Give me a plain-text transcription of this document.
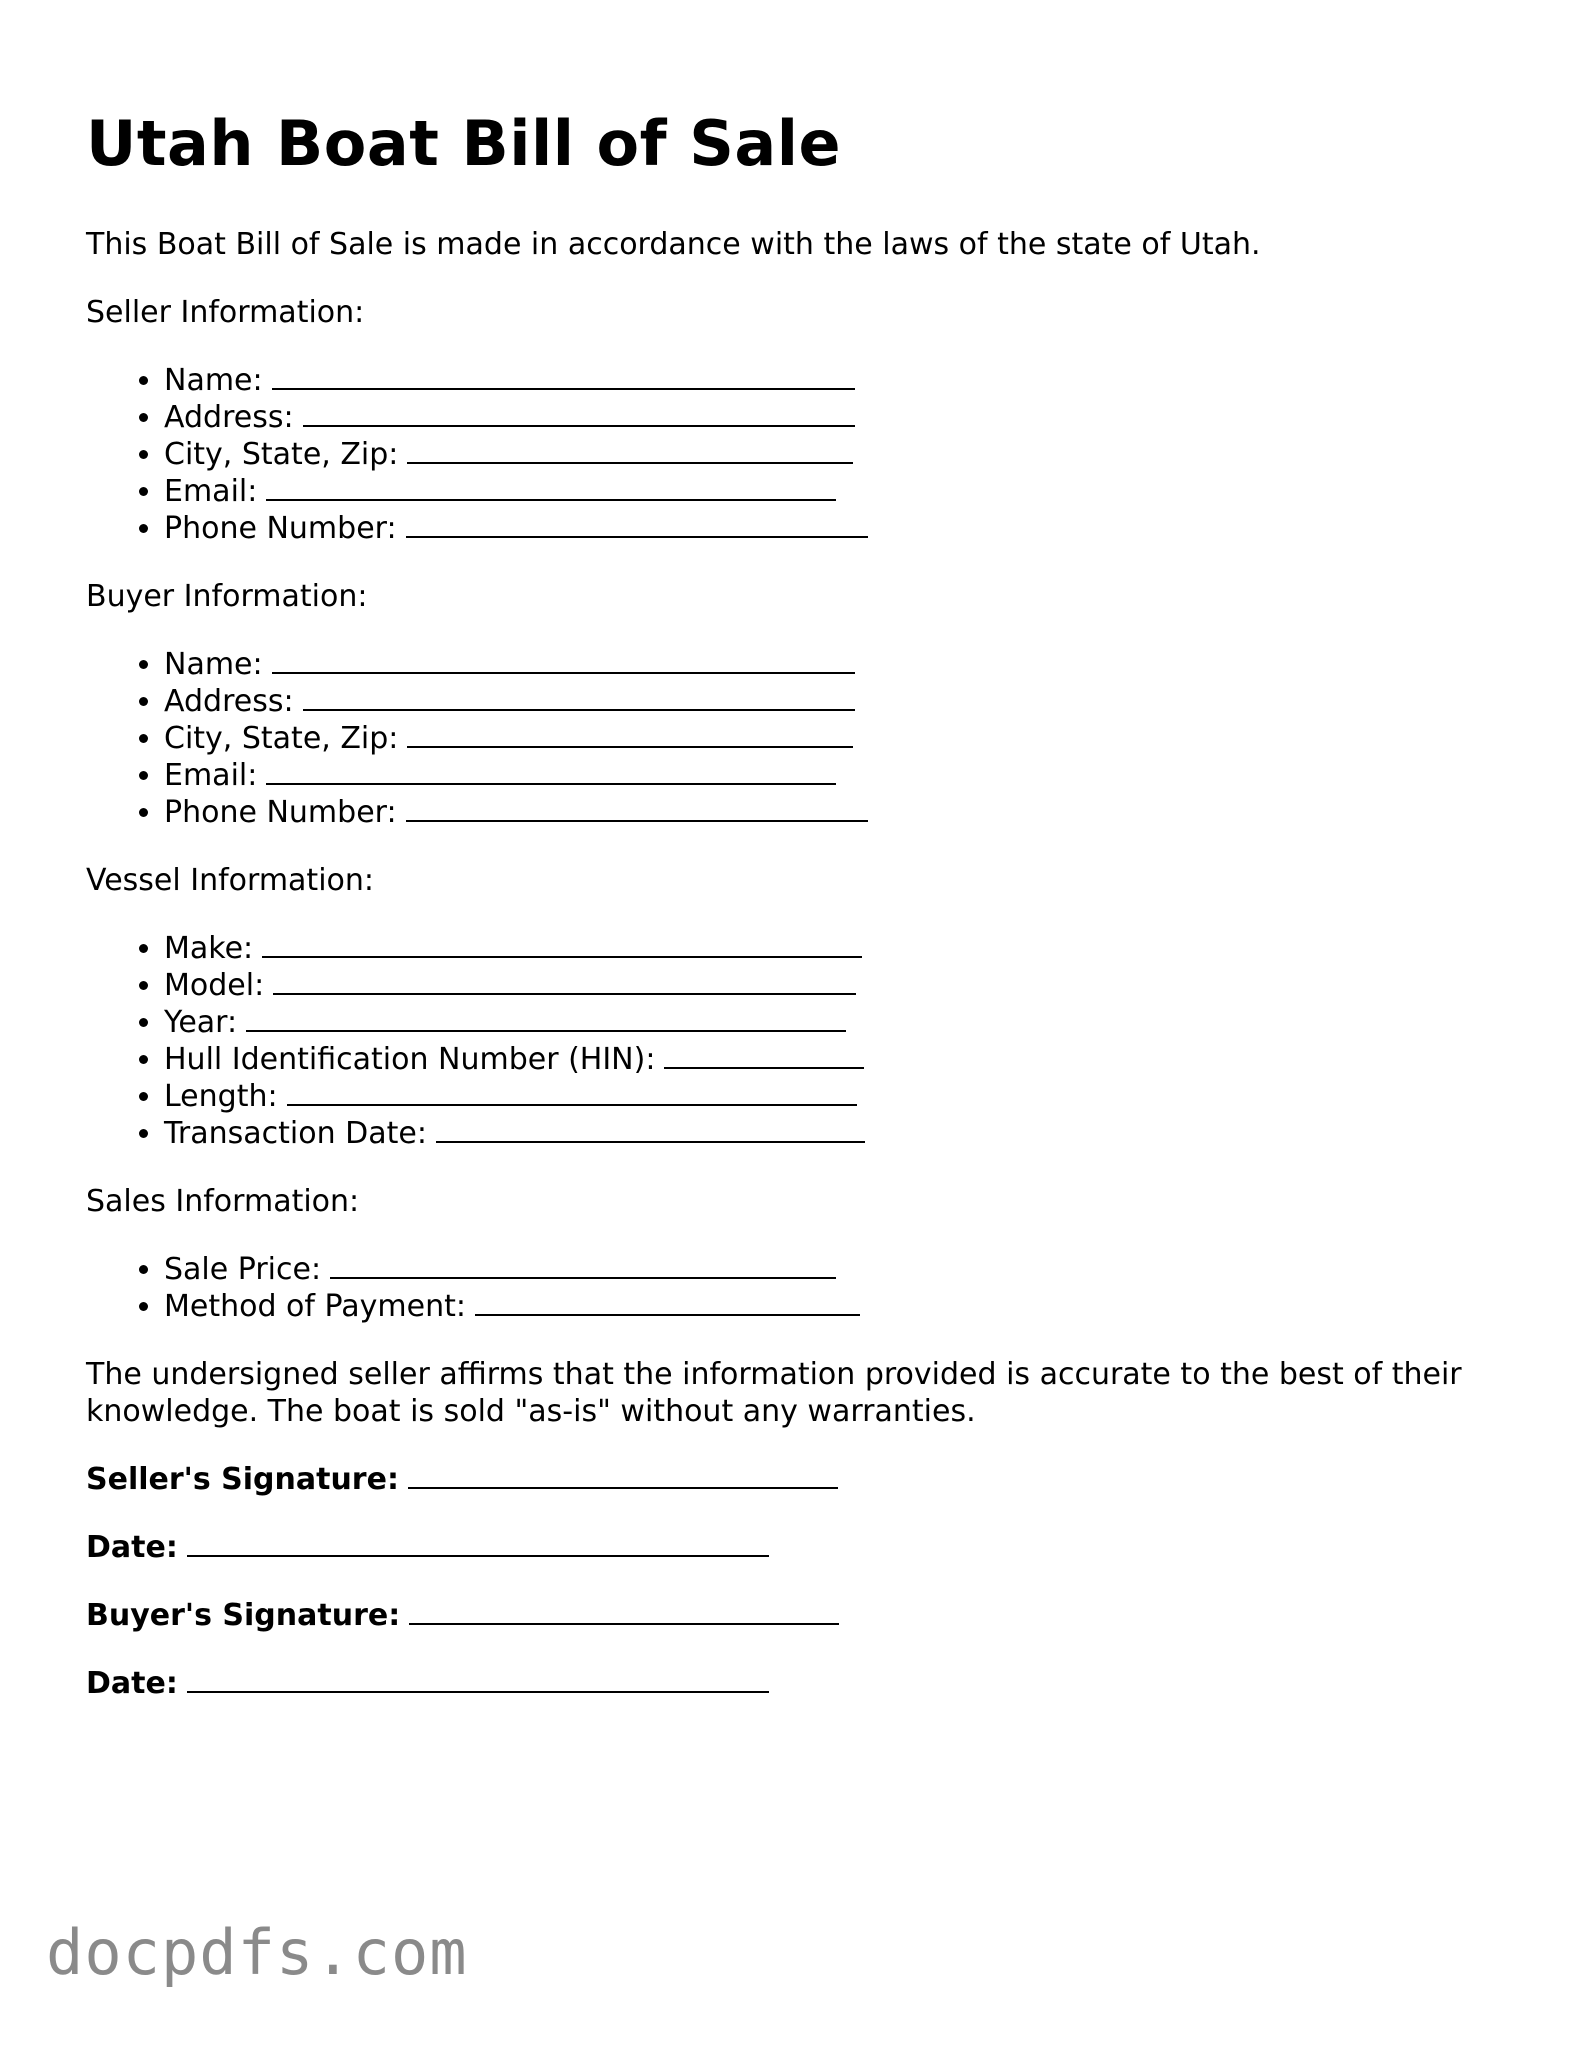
Utah Boat Bill of Sale

This Boat Bill of Sale is made in accordance with the laws of the state of Utah.

Seller Information:

• Name:
• Address:
• City, State, Zip:
• Email:
• Phone Number:

Buyer Information:

• Name:
• Address:
• City, State, Zip:
• Email:
• Phone Number:

Vessel Information:

• Make:
• Model:
• Year:
• Hull Identification Number (HIN):
• Length:
• Transaction Date:

Sales Information:

• Sale Price:
• Method of Payment:

The undersigned seller affirms that the information provided is accurate to the best of their knowledge. The boat is sold "as-is" without any warranties.

Seller's Signature:

Date:

Buyer's Signature:

Date:

docpdfs.com
